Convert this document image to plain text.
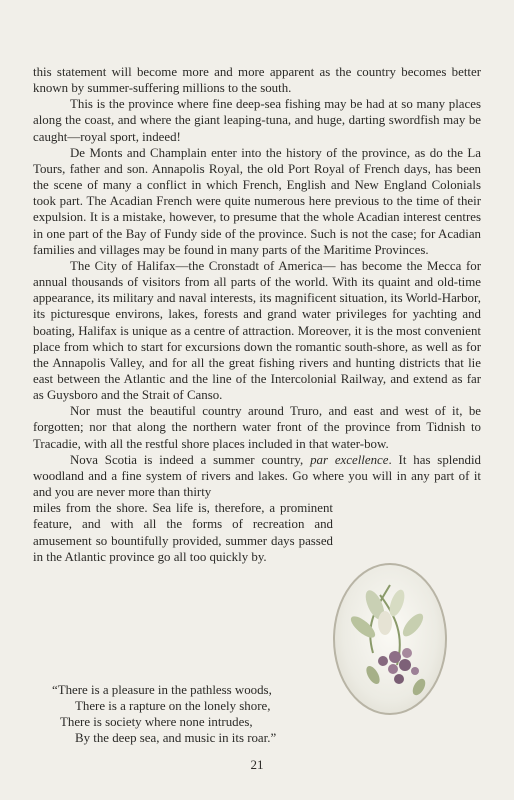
this statement will become more and more apparent as the country becomes better known by summer-suffering millions to the south.

This is the province where fine deep-sea fishing may be had at so many places along the coast, and where the giant leaping-tuna, and huge, darting swordfish may be caught—royal sport, indeed!

De Monts and Champlain enter into the history of the province, as do the La Tours, father and son. Annapolis Royal, the old Port Royal of French days, has been the scene of many a conflict in which French, English and New England Colonials took part. The Acadian French were quite numerous here previous to the time of their expulsion. It is a mistake, however, to presume that the whole Acadian interest centres in one part of the Bay of Fundy side of the province. Such is not the case; for Acadian families and villages may be found in many parts of the Maritime Provinces.

The City of Halifax—the Cronstadt of America— has become the Mecca for annual thousands of visitors from all parts of the world. With its quaint and old-time appearance, its military and naval interests, its magnificent situation, its World-Harbor, its picturesque environs, lakes, forests and grand water privileges for yachting and boating, Halifax is unique as a centre of attraction. Moreover, it is the most convenient place from which to start for excursions down the romantic south-shore, as well as for the Annapolis Valley, and for all the great fishing rivers and hunting districts that lie east between the Atlantic and the line of the Intercolonial Railway, and extend as far as Guysboro and the Strait of Canso.

Nor must the beautiful country around Truro, and east and west of it, be forgotten; nor that along the northern water front of the province from Tidnish to Tracadie, with all the restful shore places included in that water-bow.

Nova Scotia is indeed a summer country, par excellence. It has splendid woodland and a fine system of rivers and lakes. Go where you will in any part of it and you are never more than thirty

miles from the shore. Sea life is, therefore, a prominent feature, and with all the forms of recreation and amusement so bountifully provided, summer days passed in the Atlantic province go all too quickly by.

“There is a pleasure in the pathless woods,
There is a rapture on the lonely shore,
There is society where none intrudes,
By the deep sea, and music in its roar.”
21
